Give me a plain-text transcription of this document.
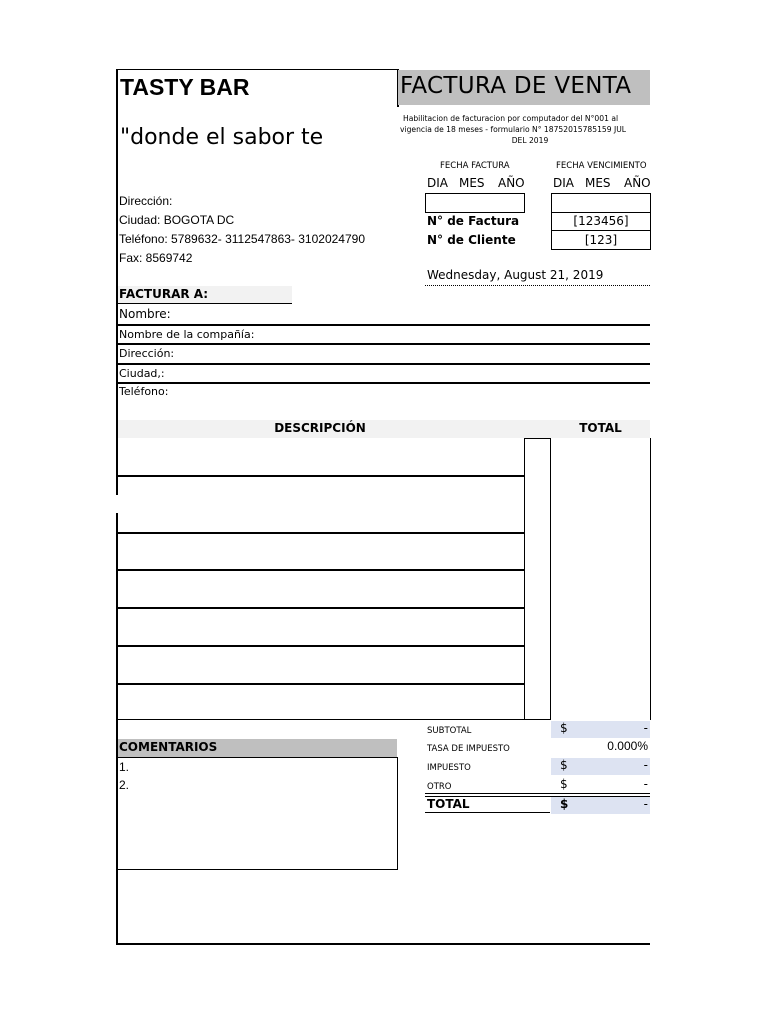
TASTY BAR
"donde el sabor te
Dirección:
Ciudad: BOGOTA DC
Teléfono: 5789632- 3112547863- 3102024790
Fax: 8569742
FACTURA DE VENTA
Habilitacion de facturacion por computador del N°001 al
vigencia de 18 meses - formulario N° 18752015785159 JUL
DEL 2019
FECHA FACTURA	FECHA VENCIMIENTO
DIA MES AÑO DIA MES AÑO
N° de Factura	[123456]
N° de Cliente	[123]
Wednesday, August 21, 2019
FACTURAR A:
Nombre:
Nombre de la compañía:
Dirección:
Ciudad,:
Teléfono:
DESCRIPCIÓN	TOTAL
COMENTARIOS
1.
2.
SUBTOTAL	$	-
TASA DE IMPUESTO	0.000%
IMPUESTO	$	-
OTRO	$	-
TOTAL	$	-
